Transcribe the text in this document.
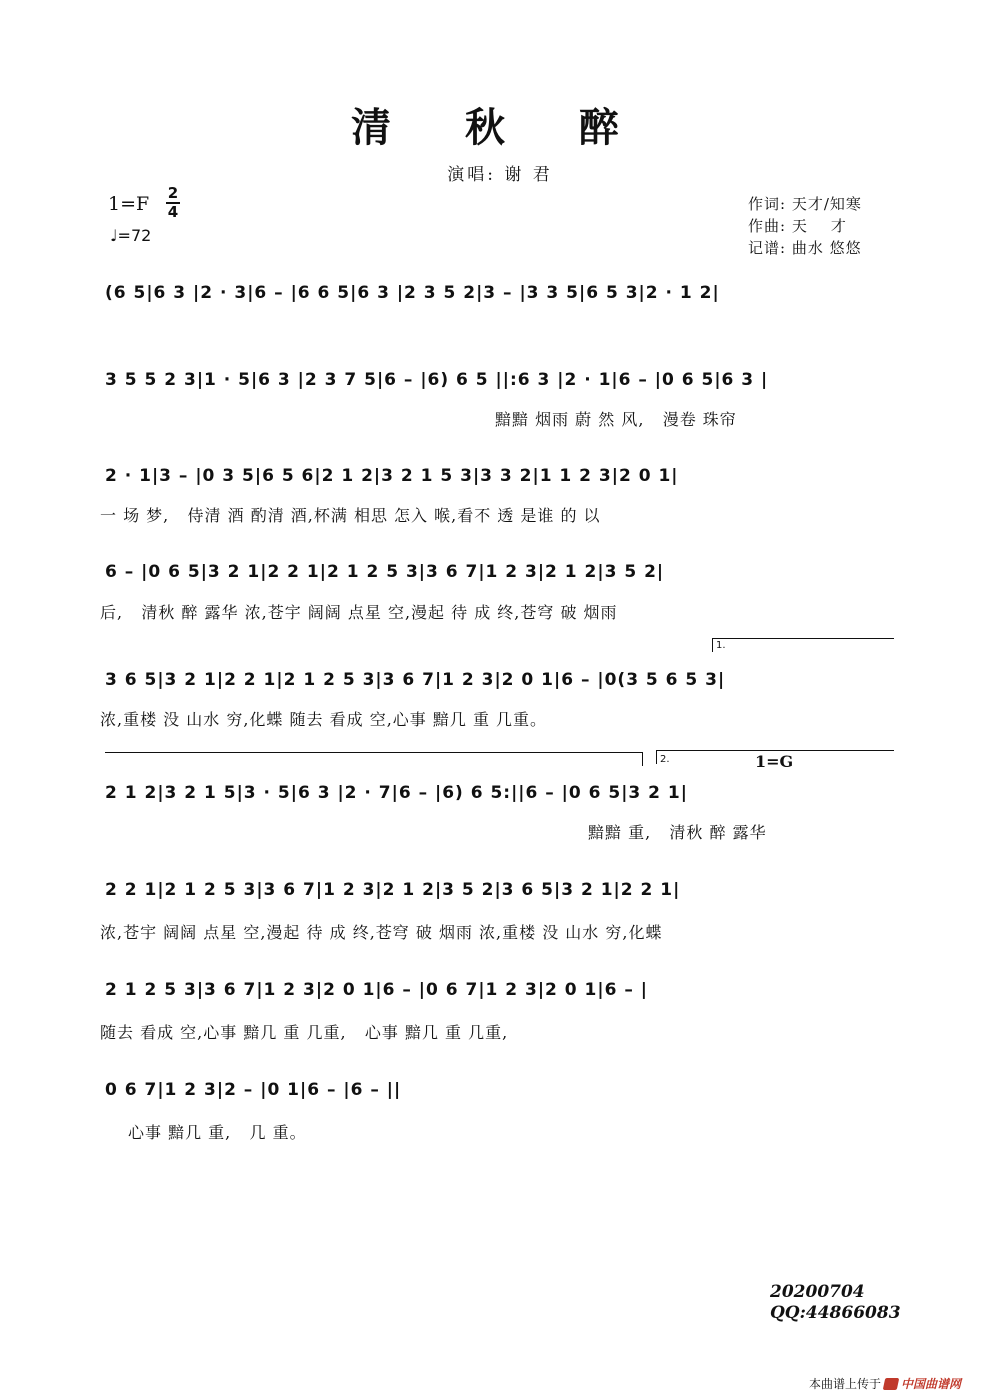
清 秋 醉
演唱: 谢 君
1=F 2
4
♩=72
作词: 天才/知寒
作曲: 天    才
记谱: 曲水 悠悠
(6 5|6 3 |2 · 3|6 – |6 6 5|6 3 |2 3 5 2|3 – |3 3 5|6 5 3|2 · 1 2|
3 5 5 2 3|1 · 5|6 3 |2 3 7 5|6 – |6) 6 5 ||:6 3 |2 · 1|6 – |0 6 5|6 3 |
黯黯 烟雨 蔚 然 风,   漫卷 珠帘
2 · 1|3 – |0 3 5|6 5 6|2 1 2|3 2 1 5 3|3 3 2|1 1 2 3|2 0 1|
一 场 梦,   侍清 酒 酌清 酒,杯满 相思 怎入 喉,看不 透 是谁 的 以
6 – |0 6 5|3 2 1|2 2 1|2 1 2 5 3|3 6 7|1 2 3|2 1 2|3 5 2|
后,   清秋 醉 露华 浓,苍宇 阔阔 点星 空,漫起 待 成 终,苍穹 破 烟雨
1.
3 6 5|3 2 1|2 2 1|2 1 2 5 3|3 6 7|1 2 3|2 0 1|6 – |0(3 5 6 5 3|
浓,重楼 没 山水 穷,化蝶 随去 看成 空,心事 黯几 重 几重。
2.	1=G
2 1 2|3 2 1 5|3 · 5|6 3 |2 · 7|6 – |6) 6 5:||6 – |0 6 5|3 2 1|
黯黯 重,   清秋 醉 露华
2 2 1|2 1 2 5 3|3 6 7|1 2 3|2 1 2|3 5 2|3 6 5|3 2 1|2 2 1|
浓,苍宇 阔阔 点星 空,漫起 待 成 终,苍穹 破 烟雨 浓,重楼 没 山水 穷,化蝶
2 1 2 5 3|3 6 7|1 2 3|2 0 1|6 – |0 6 7|1 2 3|2 0 1|6 – |
随去 看成 空,心事 黯几 重 几重,   心事 黯几 重 几重,
0 6 7|1 2 3|2 – |0 1|6 – |6 – ||
心事 黯几 重,   几 重。
20200704
QQ:44866083
本曲谱上传于 中国曲谱网
